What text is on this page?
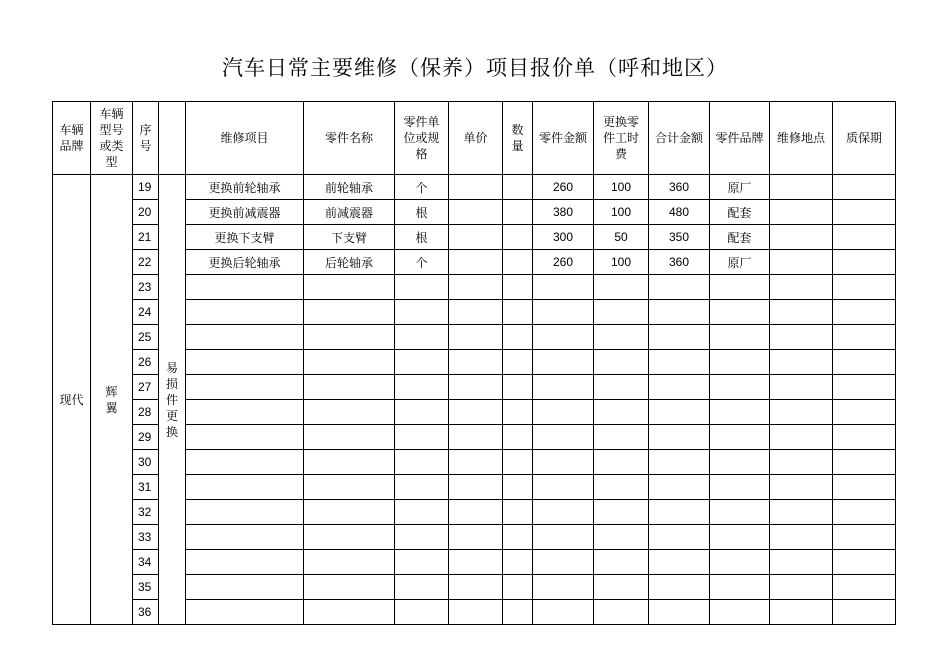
汽车日常主要维修（保养）项目报价单（呼和地区）
车辆品牌	车辆型号或类型	序号		维修项目	零件名称	零件单位或规格	单价	数量	零件金额	更换零件工时费	合计金额	零件品牌	维修地点	质保期
现代	辉翼	19	易损件更换	更换前轮轴承	前轮轴承	个			260	100	360	原厂		
		20		更换前减震器	前减震器	根			380	100	480	配套		
		21		更换下支臂	下支臂	根			300	50	350	配套		
		22		更换后轮轴承	后轮轴承	个			260	100	360	原厂		
		23												
		24												
		25												
		26												
		27												
		28												
		29												
		30												
		31												
		32												
		33												
		34												
		35												
		36												
